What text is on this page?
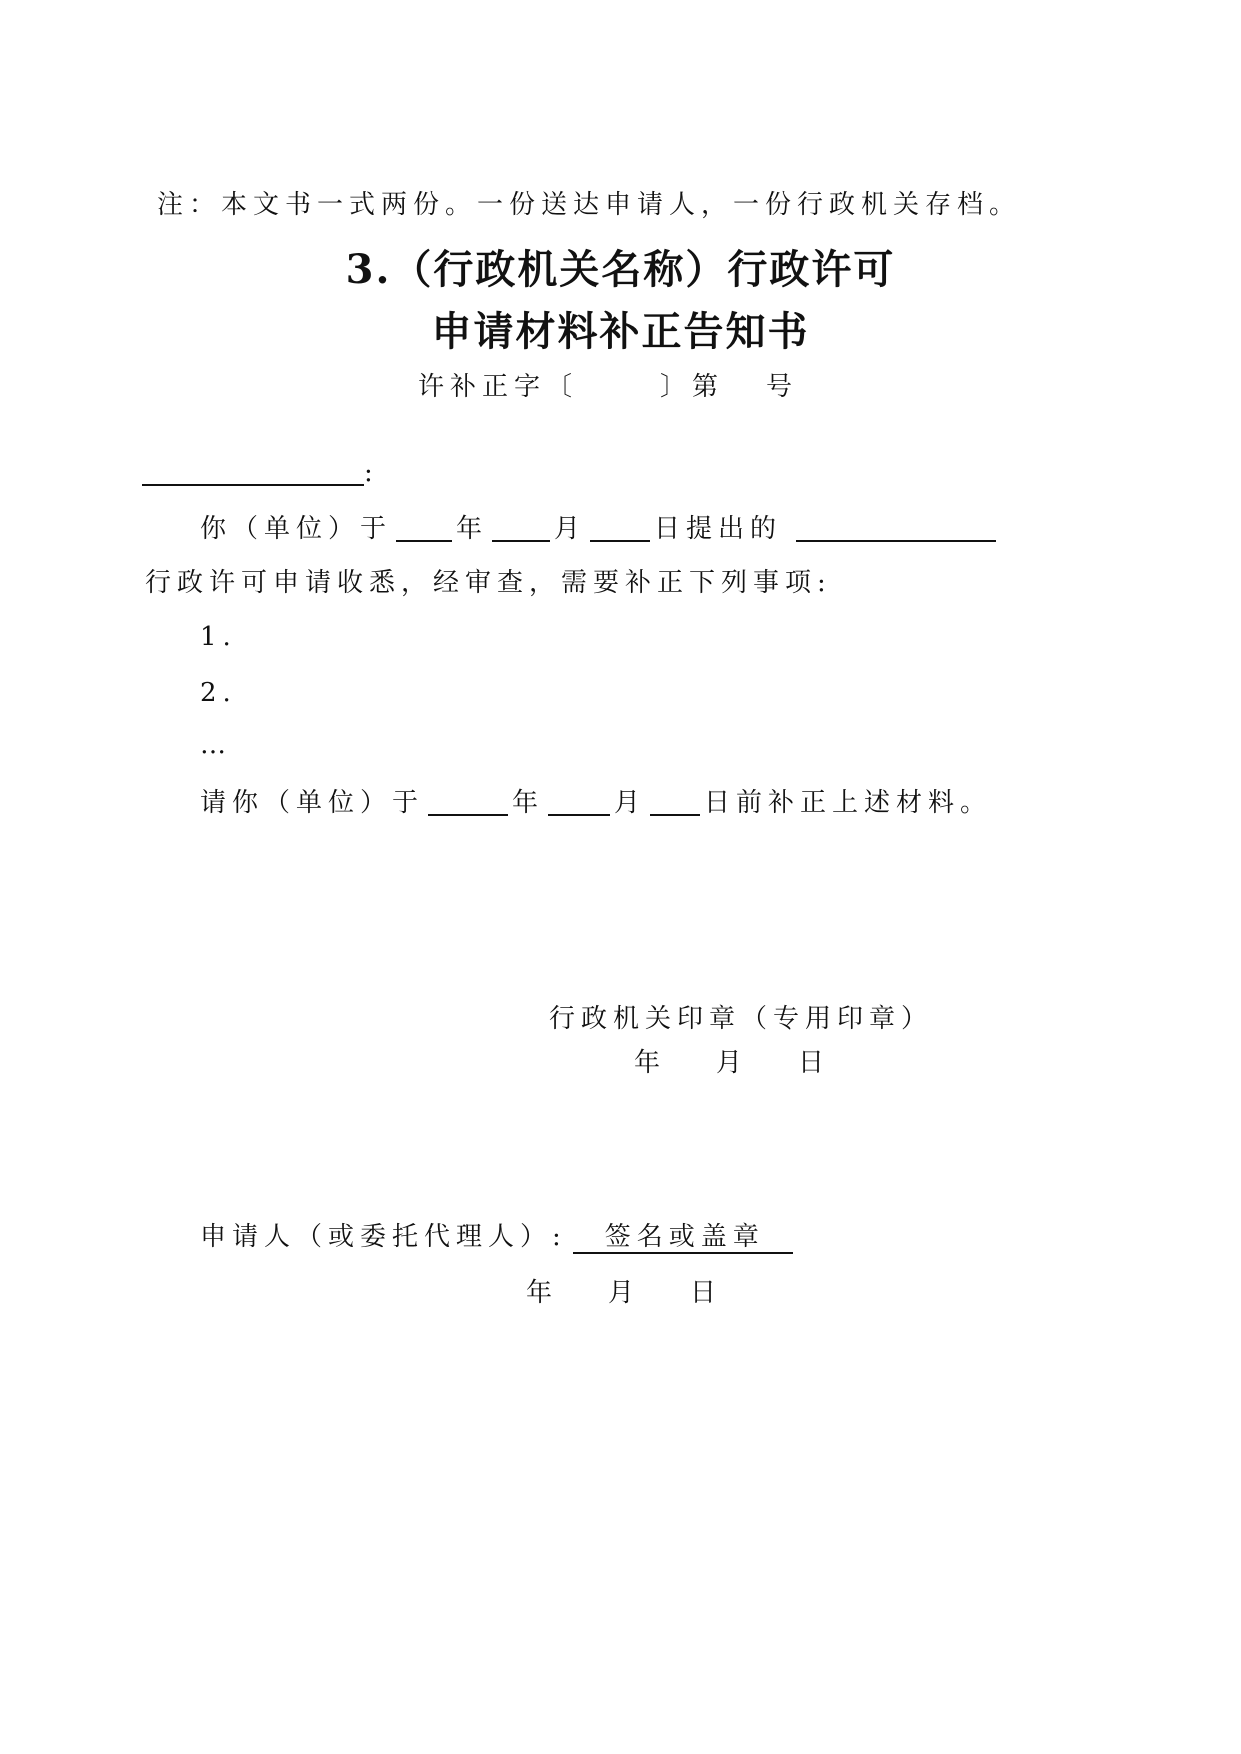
注：本文书一式两份。一份送达申请人，一份行政机关存档。
3.（行政机关名称）行政许可
申请材料补正告知书
许补正字〔	〕第 号
:
你（单位）于 年	月	日提出的
行政许可申请收悉，经审查，需要补正下列事项:
1.
2.
…
请你（单位）于	年	月 日前补正上述材料。
行政机关印章（专用印章）
年 月 日
申请人（或委托代理人）: 签名或盖章
年 月 日
